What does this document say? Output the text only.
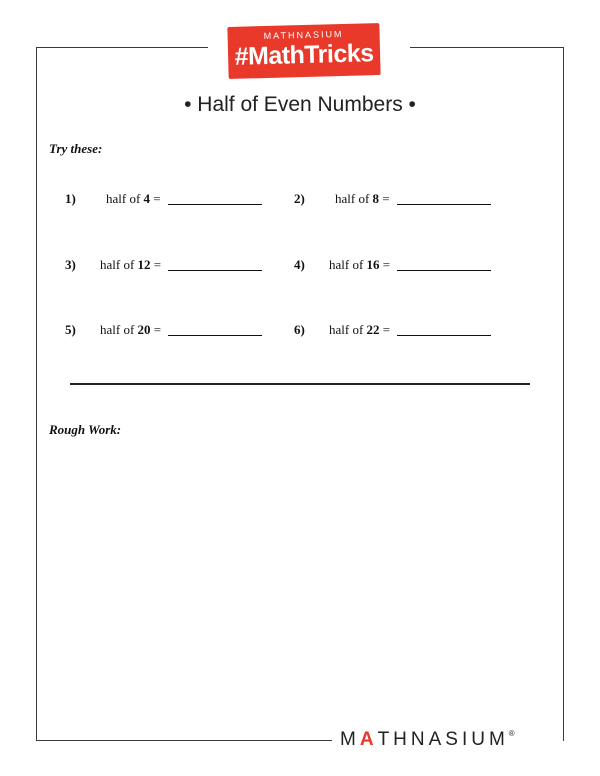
MATHNASIUM
#MathTricks
• Half of Even Numbers •
Try these:
1) half of 4 =	2) half of 8 =
3) half of 12 =	4) half of 16 =
5) half of 20 =	6) half of 22 =
Rough Work:
MATHNASIUM®
